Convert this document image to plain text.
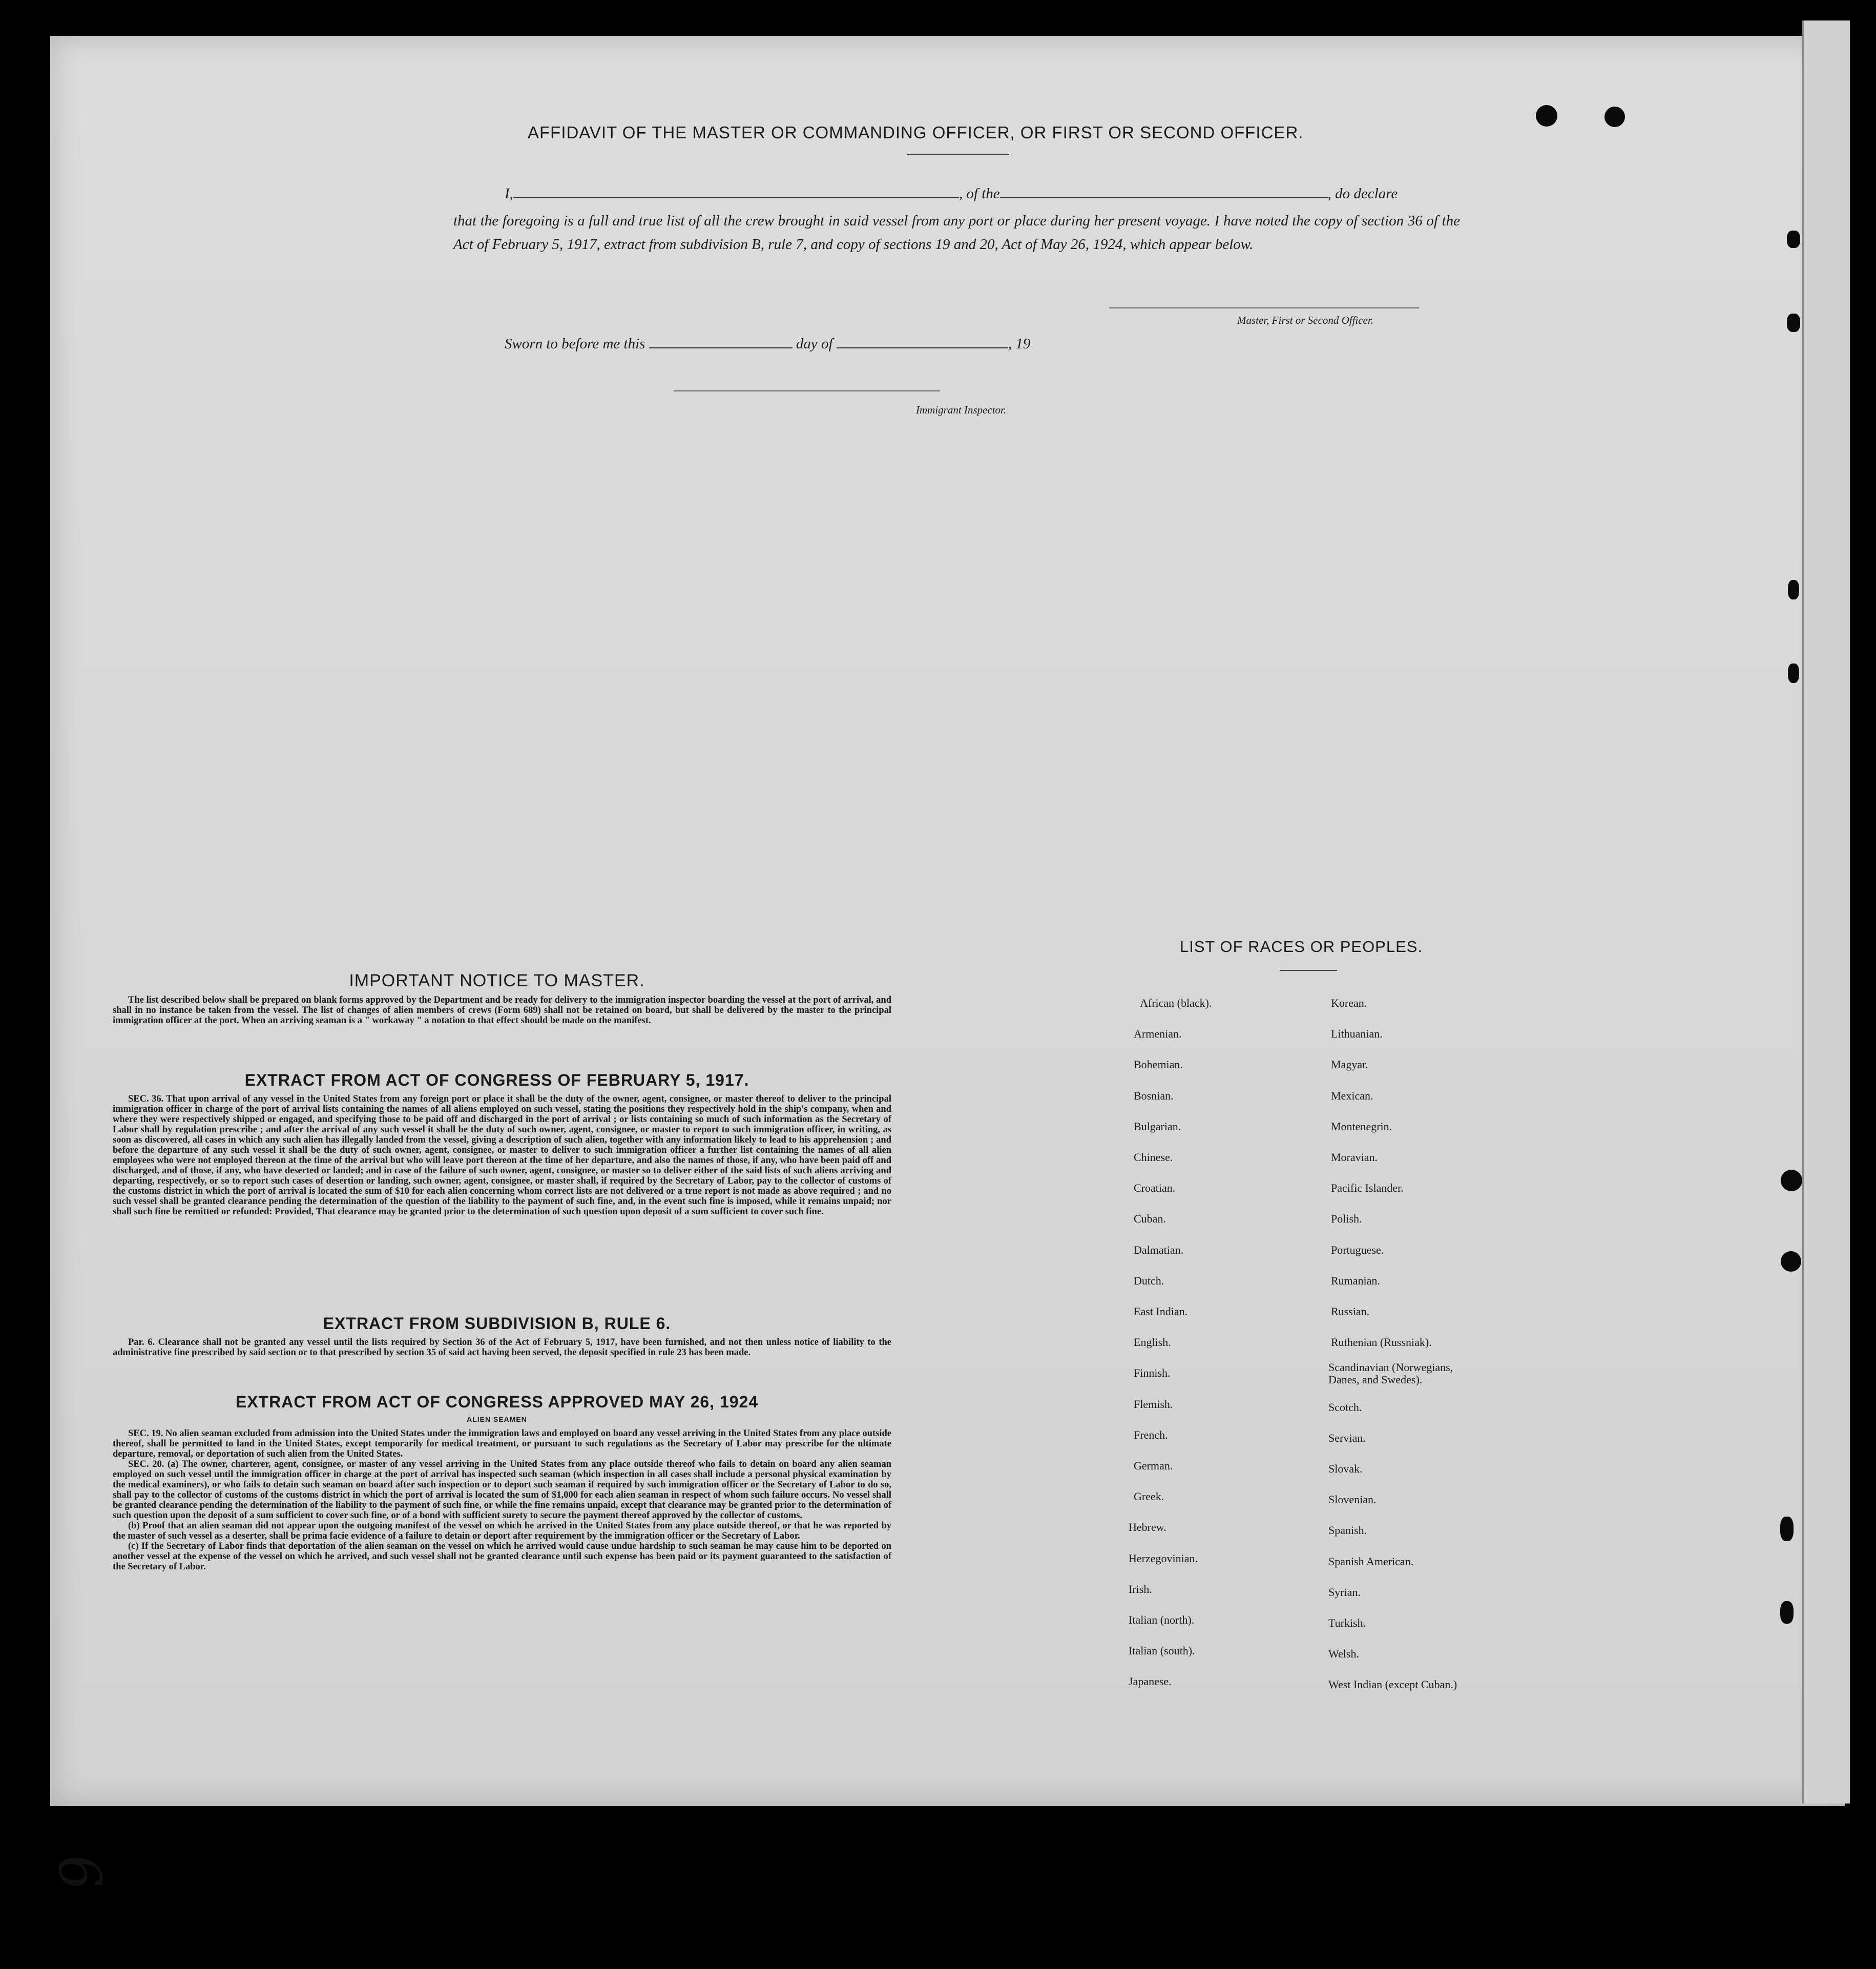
AFFIDAVIT OF THE MASTER OR COMMANDING OFFICER, OR FIRST OR SECOND OFFICER.
I,	, of the	, do declare
that the foregoing is a full and true list of all the crew brought in said vessel from any port or place during her present voyage. I have noted the copy of section 36 of the Act of February 5, 1917, extract from subdivision B, rule 7, and copy of sections 19 and 20, Act of May 26, 1924, which appear below.
Master, First or Second Officer.
Sworn to before me this	day of	, 19
Immigrant Inspector.
IMPORTANT NOTICE TO MASTER.

The list described below shall be prepared on blank forms approved by the Department and be ready for delivery to the immigration inspector boarding the vessel at the port of arrival, and shall in no instance be taken from the vessel. The list of changes of alien members of crews (Form 689) shall not be retained on board, but shall be delivered by the master to the principal immigration officer at the port. When an arriving seaman is a " workaway " a notation to that effect should be made on the manifest.

EXTRACT FROM ACT OF CONGRESS OF FEBRUARY 5, 1917.

SEC. 36. That upon arrival of any vessel in the United States from any foreign port or place it shall be the duty of the owner, agent, consignee, or master thereof to deliver to the principal immigration officer in charge of the port of arrival lists containing the names of all aliens employed on such vessel, stating the positions they respectively hold in the ship's company, when and where they were respectively shipped or engaged, and specifying those to be paid off and discharged in the port of arrival ; or lists containing so much of such information as the Secretary of Labor shall by regulation prescribe ; and after the arrival of any such vessel it shall be the duty of such owner, agent, consignee, or master to report to such immigration officer, in writing, as soon as discovered, all cases in which any such alien has illegally landed from the vessel, giving a description of such alien, together with any information likely to lead to his apprehension ; and before the departure of any such vessel it shall be the duty of such owner, agent, consignee, or master to deliver to such immigration officer a further list containing the names of all alien employees who were not employed thereon at the time of the arrival but who will leave port thereon at the time of her departure, and also the names of those, if any, who have been paid off and discharged, and of those, if any, who have deserted or landed; and in case of the failure of such owner, agent, consignee, or master so to deliver either of the said lists of such aliens arriving and departing, respectively, or so to report such cases of desertion or landing, such owner, agent, consignee, or master shall, if required by the Secretary of Labor, pay to the collector of customs of the customs district in which the port of arrival is located the sum of $10 for each alien concerning whom correct lists are not delivered or a true report is not made as above required ; and no such vessel shall be granted clearance pending the determination of the question of the liability to the payment of such fine, and, in the event such fine is imposed, while it remains unpaid; nor shall such fine be remitted or refunded: Provided, That clearance may be granted prior to the determination of such question upon deposit of a sum sufficient to cover such fine.

EXTRACT FROM SUBDIVISION B, RULE 6.

Par. 6. Clearance shall not be granted any vessel until the lists required by Section 36 of the Act of February 5, 1917, have been furnished, and not then unless notice of liability to the administrative fine prescribed by said section or to that prescribed by section 35 of said act having been served, the deposit specified in rule 23 has been made.

EXTRACT FROM ACT OF CONGRESS APPROVED MAY 26, 1924
ALIEN SEAMEN

SEC. 19. No alien seaman excluded from admission into the United States under the immigration laws and employed on board any vessel arriving in the United States from any place outside thereof, shall be permitted to land in the United States, except temporarily for medical treatment, or pursuant to such regulations as the Secretary of Labor may prescribe for the ultimate departure, removal, or deportation of such alien from the United States.

SEC. 20. (a) The owner, charterer, agent, consignee, or master of any vessel arriving in the United States from any place outside thereof who fails to detain on board any alien seaman employed on such vessel until the immigration officer in charge at the port of arrival has inspected such seaman (which inspection in all cases shall include a personal physical examination by the medical examiners), or who fails to detain such seaman on board after such inspection or to deport such seaman if required by such immigration officer or the Secretary of Labor to do so, shall pay to the collector of customs of the customs district in which the port of arrival is located the sum of $1,000 for each alien seaman in respect of whom such failure occurs. No vessel shall be granted clearance pending the determination of the liability to the payment of such fine, or while the fine remains unpaid, except that clearance may be granted prior to the determination of such question upon the deposit of a sum sufficient to cover such fine, or of a bond with sufficient surety to secure the payment thereof approved by the collector of customs.

(b) Proof that an alien seaman did not appear upon the outgoing manifest of the vessel on which he arrived in the United States from any place outside thereof, or that he was reported by the master of such vessel as a deserter, shall be prima facie evidence of a failure to detain or deport after requirement by the immigration officer or the Secretary of Labor.

(c) If the Secretary of Labor finds that deportation of the alien seaman on the vessel on which he arrived would cause undue hardship to such seaman he may cause him to be deported on another vessel at the expense of the vessel on which he arrived, and such vessel shall not be granted clearance until such expense has been paid or its payment guaranteed to the satisfaction of the Secretary of Labor.

LIST OF RACES OR PEOPLES.
African (black).
Armenian.
Bohemian.
Bosnian.
Bulgarian.
Chinese.
Croatian.
Cuban.
Dalmatian.
Dutch.
East Indian.
English.
Finnish.
Flemish.
French.
German.
Greek.
Hebrew.
Herzegovinian.
Irish.
Italian (north).
Italian (south).
Japanese.
Korean.
Lithuanian.
Magyar.
Mexican.
Montenegrin.
Moravian.
Pacific Islander.
Polish.
Portuguese.
Rumanian.
Russian.
Ruthenian (Russniak).
Scandinavian (Norwegians, Danes, and Swedes).
Scotch.
Servian.
Slovak.
Slovenian.
Spanish.
Spanish American.
Syrian.
Turkish.
Welsh.
West Indian (except Cuban.)
6
